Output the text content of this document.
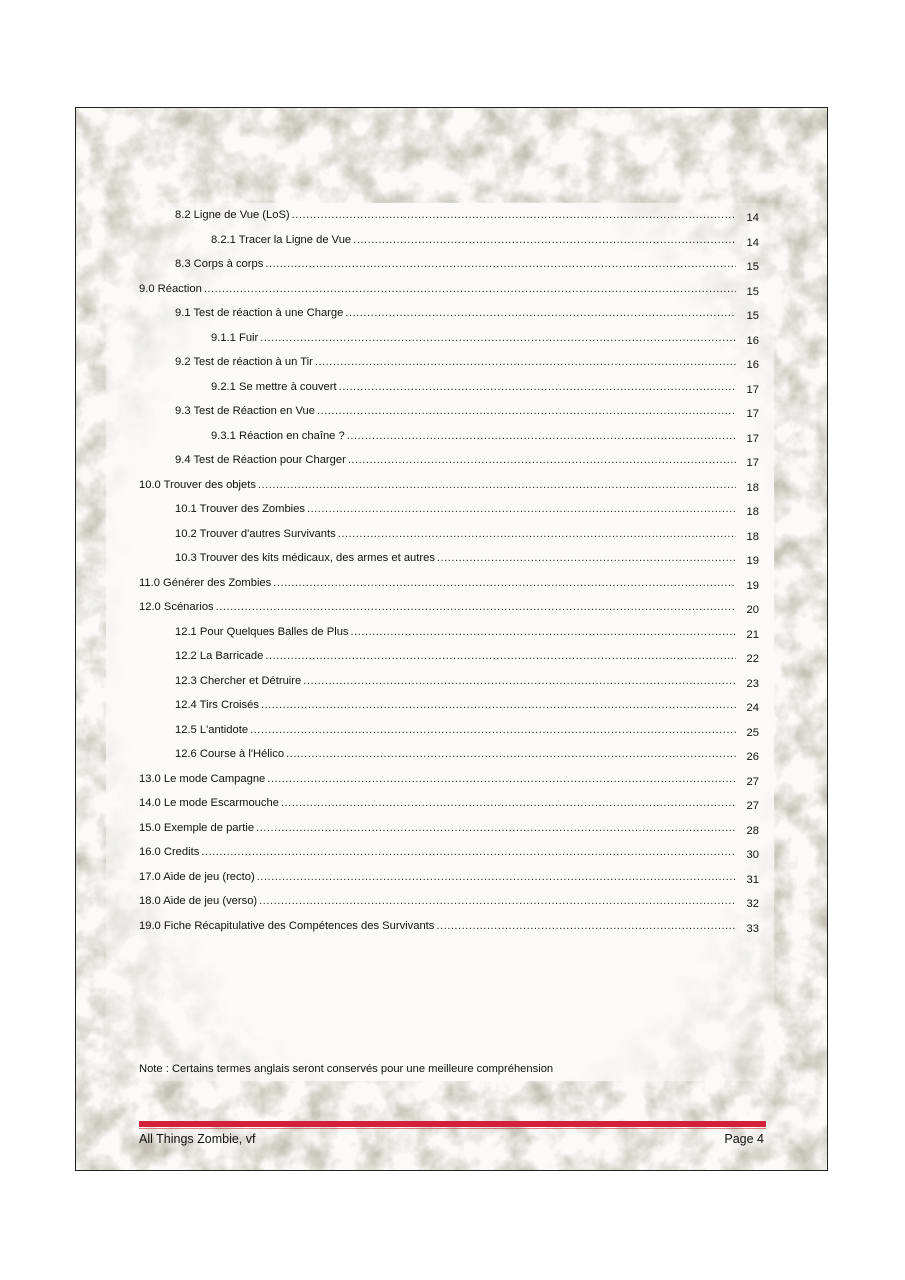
8.2 Ligne de Vue (LoS) .....	14
8.2.1 Tracer la Ligne de Vue .....	14
8.3 Corps à corps .....	15
9.0 Réaction .....	15
9.1 Test de réaction à une Charge .....	15
9.1.1 Fuir .....	16
9.2 Test de réaction à un Tir .....	16
9.2.1 Se mettre à couvert .....	17
9.3 Test de Réaction en Vue .....	17
9.3.1 Réaction en chaîne ? .....	17
9.4 Test de Réaction pour Charger .....	17
10.0 Trouver des objets .....	18
10.1 Trouver des Zombies .....	18
10.2 Trouver d'autres Survivants .....	18
10.3 Trouver des kits médicaux, des armes et autres .....	19
11.0 Générer des Zombies .....	19
12.0 Scénarios .....	20
12.1 Pour Quelques Balles de Plus .....	21
12.2 La Barricade .....	22
12.3 Chercher et Détruire .....	23
12.4 Tirs Croisés .....	24
12.5 L'antidote .....	25
12.6 Course à l'Hélico .....	26
13.0 Le mode Campagne .....	27
14.0 Le mode Escarmouche .....	27
15.0 Exemple de partie .....	28
16.0 Credits .....	30
17.0 Aide de jeu (recto) .....	31
18.0 Aide de jeu (verso) .....	32
19.0 Fiche Récapitulative des Compétences des Survivants .....	33
Note : Certains termes anglais seront conservés pour une meilleure compréhension
All Things Zombie, vf	Page 4
